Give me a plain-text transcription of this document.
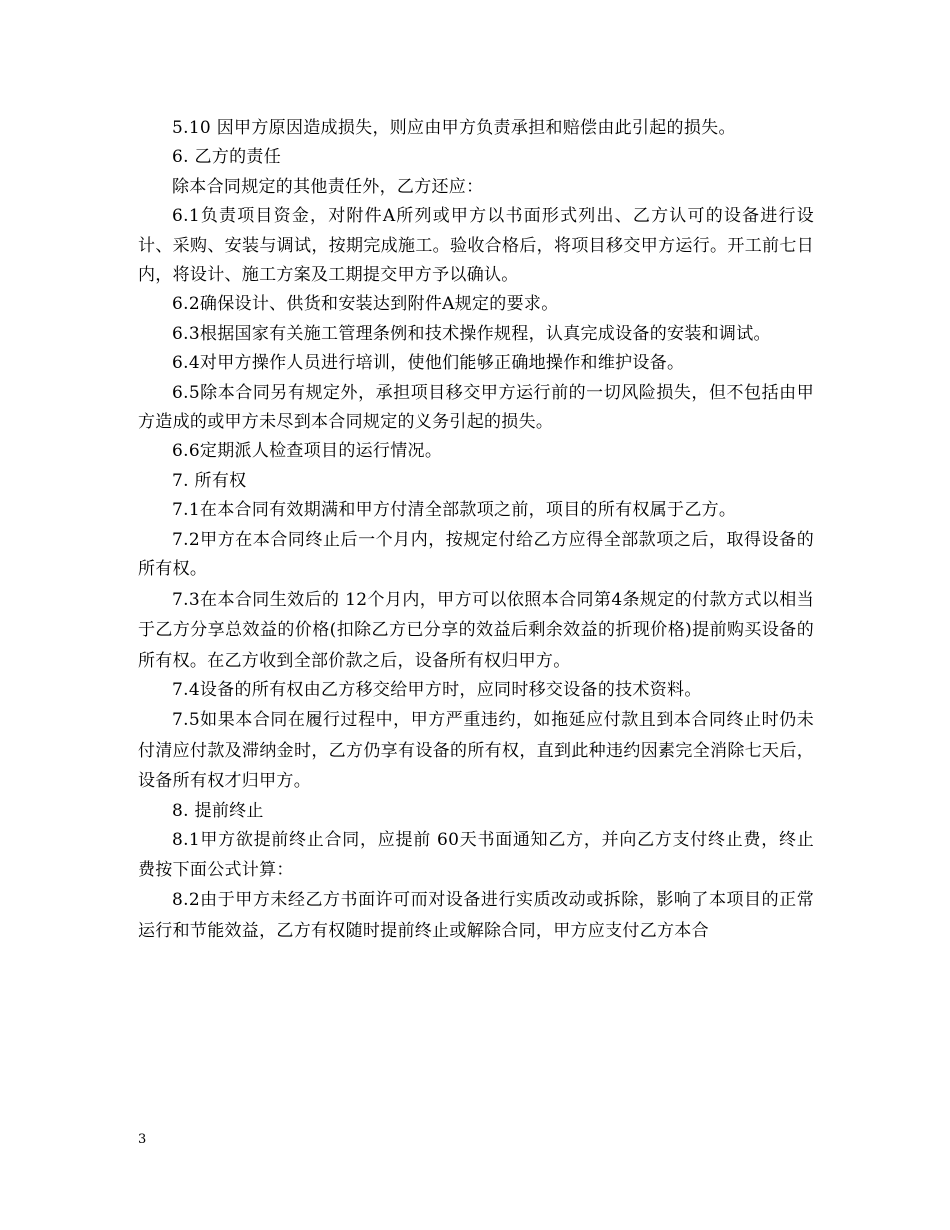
5.10 因甲方原因造成损失，则应由甲方负责承担和赔偿由此引起的损失。

6. 乙方的责任

除本合同规定的其他责任外，乙方还应：

6.1负责项目资金，对附件A所列或甲方以书面形式列出、乙方认可的设备进行设计、采购、安装与调试，按期完成施工。验收合格后，将项目移交甲方运行。开工前七日内，将设计、施工方案及工期提交甲方予以确认。

6.2确保设计、供货和安装达到附件A规定的要求。

6.3根据国家有关施工管理条例和技术操作规程，认真完成设备的安装和调试。

6.4对甲方操作人员进行培训，使他们能够正确地操作和维护设备。

6.5除本合同另有规定外，承担项目移交甲方运行前的一切风险损失，但不包括由甲方造成的或甲方未尽到本合同规定的义务引起的损失。

6.6定期派人检查项目的运行情况。

7. 所有权

7.1在本合同有效期满和甲方付清全部款项之前，项目的所有权属于乙方。

7.2甲方在本合同终止后一个月内，按规定付给乙方应得全部款项之后，取得设备的所有权。

7.3在本合同生效后的 12个月内，甲方可以依照本合同第4条规定的付款方式以相当于乙方分享总效益的价格(扣除乙方已分享的效益后剩余效益的折现价格)提前购买设备的所有权。在乙方收到全部价款之后，设备所有权归甲方。

7.4设备的所有权由乙方移交给甲方时，应同时移交设备的技术资料。

7.5如果本合同在履行过程中，甲方严重违约，如拖延应付款且到本合同终止时仍未付清应付款及滞纳金时，乙方仍享有设备的所有权，直到此种违约因素完全消除七天后，设备所有权才归甲方。

8. 提前终止

8.1甲方欲提前终止合同，应提前 60天书面通知乙方，并向乙方支付终止费，终止费按下面公式计算：

8.2由于甲方未经乙方书面许可而对设备进行实质改动或拆除，影响了本项目的正常运行和节能效益，乙方有权随时提前终止或解除合同，甲方应支付乙方本合

3
